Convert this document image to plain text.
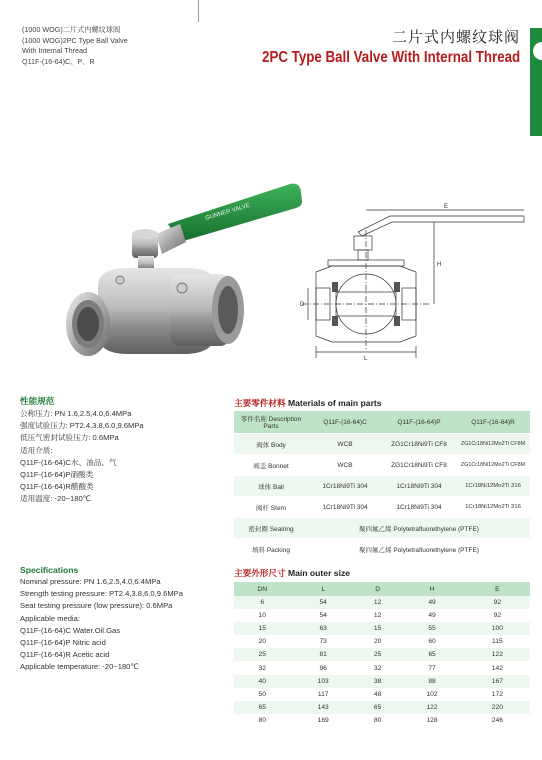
(1000 WOG)二片式内螺纹球阀
(1000 WOG)2PC Type Ball Valve
With Internal Thread
Q11F-(16-64)C、P、R
二片式内螺纹球阀
2PC Type Ball Valve With Internal Thread
GUNNER VALVE	E
H
D
L
性能规范
公称压力: PN 1.6,2.5,4.0,6.4MPa
强度试验压力: PT2.4,3.8,6.0,9.6MPa
低压气密封试验压力: 0.6MPa
适用介质:
Q11F-(16-64)C水、油品、气
Q11F-(16-64)P硝酸类
Q11F-(16-64)R醋酸类
适用温度: -20~180℃
Specifications
Nominal pressure: PN 1.6,2.5,4.0,6.4MPa
Strength testing pressure: PT2.4,3.8,6.0,9.6MPa
Seat testing pressure (low pressure): 0.6MPa
Applicable media:
Q11F-(16-64)C Water.Oil.Gas
Q11F-(16-64)P Nitric acid
Q11F-(16-64)R Acetic acid
Applicable temperature: -20~180℃
主要零件材料 Materials of main parts
零件名称 Description Parts	Q11F-(16-64)C	Q11F-(16-64)P	Q11F-(16-64)R
阀体 Body	WCB	ZG1Cr18Ni9Ti CF8	ZG1Cr18Ni12Mo2Ti CF8M
阀盖 Bonnet	WCB	ZG1Cr18Ni9Ti CF8	ZG1Cr18Ni12Mo2Ti CF8M
球体 Ball	1Cr18Ni9Ti 304	1Cr18Ni9Ti 304	1Cr18Ni12Mo2Ti 316
阀杆 Stem	1Cr18Ni9Ti 304	1Cr18Ni9Ti 304	1Cr18Ni12Mo2Ti 316
密封圈 Sealring	聚四氟乙烯 Polytetrafluorethylene (PTFE)		
填料 Packing	聚四氟乙烯 Polytetrafluorethylene (PTFE)		
主要外形尺寸 Main outer size
DN	L	D	H	E
6	54	12	49	92
10	54	12	49	92
15	63	15	55	100
20	73	20	60	115
25	81	25	65	122
32	96	32	77	142
40	103	38	88	167
50	117	48	102	172
65	143	65	122	220
80	169	80	128	246
